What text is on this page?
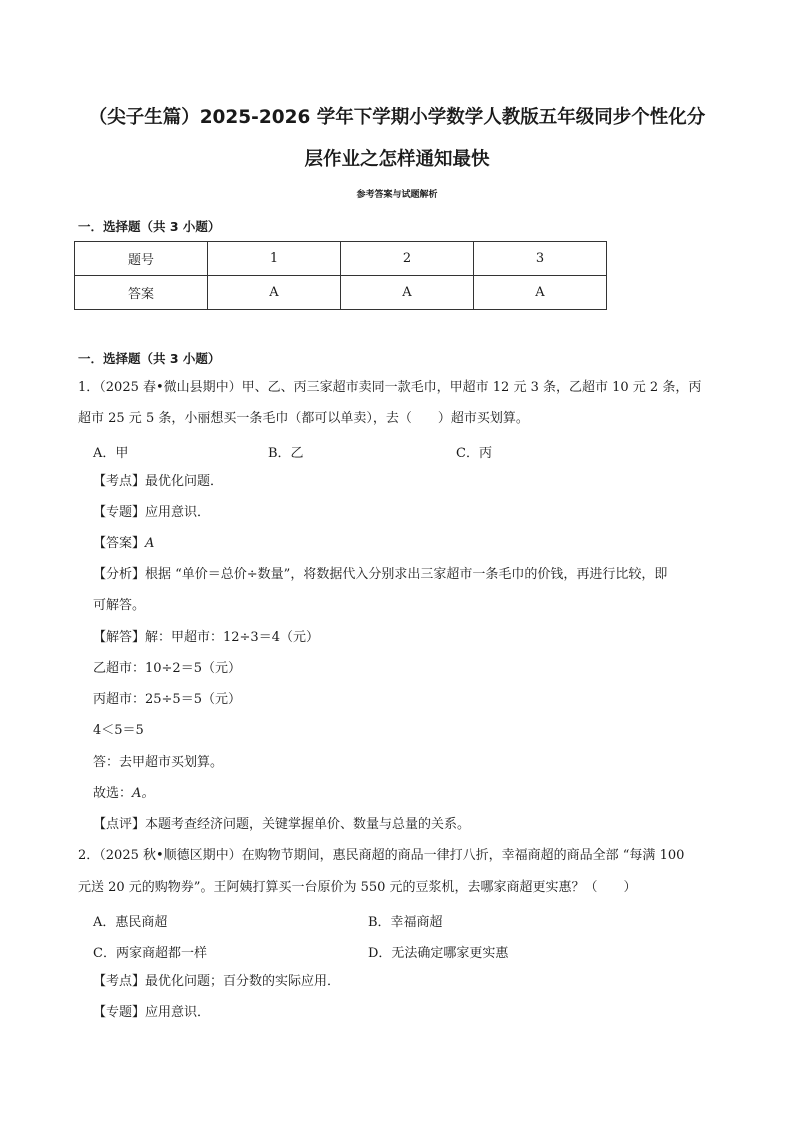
（尖子生篇）2025-2026 学年下学期小学数学人教版五年级同步个性化分
层作业之怎样通知最快
参考答案与试题解析
一．选择题（共 3 小题）
题号	1	2	3
答案	A	A	A
一．选择题（共 3 小题）
1．（2025 春•微山县期中）甲、乙、丙三家超市卖同一款毛巾，甲超市 12 元 3 条，乙超市 10 元 2 条，丙
超市 25 元 5 条，小丽想买一条毛巾（都可以单卖），去（　　）超市买划算。
A．甲	B．乙	C．丙
【考点】最优化问题．
【专题】应用意识．
【答案】A
【分析】根据 “单价＝总价÷数量”，将数据代入分别求出三家超市一条毛巾的价钱，再进行比较，即
可解答。
【解答】解：甲超市：12÷3＝4（元）
乙超市：10÷2＝5（元）
丙超市：25÷5＝5（元）
4＜5＝5
答：去甲超市买划算。
故选：A。
【点评】本题考查经济问题，关键掌握单价、数量与总量的关系。
2．（2025 秋•顺德区期中）在购物节期间，惠民商超的商品一律打八折，幸福商超的商品全部 “每满 100
元送 20 元的购物券”。王阿姨打算买一台原价为 550 元的豆浆机，去哪家商超更实惠？（　　）
A．惠民商超	B．幸福商超
C．两家商超都一样	D．无法确定哪家更实惠
【考点】最优化问题；百分数的实际应用．
【专题】应用意识．
